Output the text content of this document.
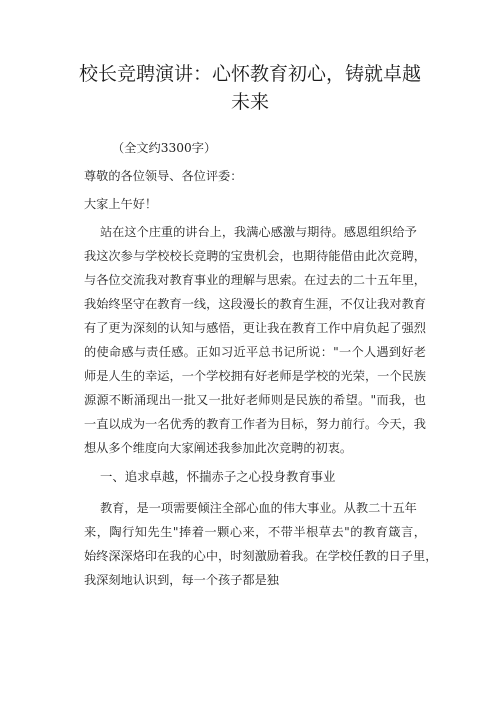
校长竞聘演讲：心怀教育初心，铸就卓越
未来
（全文约3300字）
尊敬的各位领导、各位评委：
大家上午好！
站在这个庄重的讲台上，我满心感激与期待。感恩组织给予
我这次参与学校校长竞聘的宝贵机会，也期待能借由此次竞聘，
与各位交流我对教育事业的理解与思索。在过去的二十五年里，
我始终坚守在教育一线，这段漫长的教育生涯，不仅让我对教育
有了更为深刻的认知与感悟，更让我在教育工作中肩负起了强烈
的使命感与责任感。正如习近平总书记所说："一个人遇到好老
师是人生的幸运，一个学校拥有好老师是学校的光荣，一个民族
源源不断涌现出一批又一批好老师则是民族的希望。"而我，也
一直以成为一名优秀的教育工作者为目标，努力前行。今天，我
想从多个维度向大家阐述我参加此次竞聘的初衷。
一、追求卓越，怀揣赤子之心投身教育事业
教育，是一项需要倾注全部心血的伟大事业。从教二十五年
来，陶行知先生"捧着一颗心来，不带半根草去"的教育箴言，
始终深深烙印在我的心中，时刻激励着我。在学校任教的日子里，
我深刻地认识到，每一个孩子都是独
